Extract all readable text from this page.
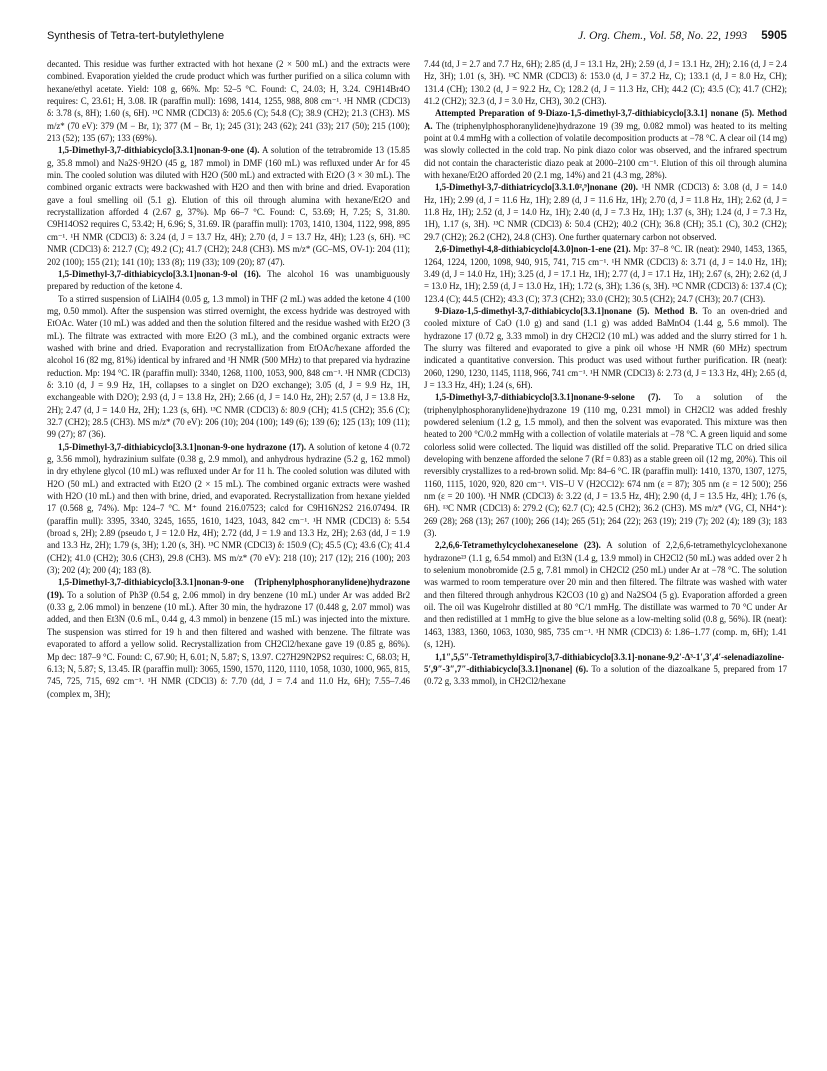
Synthesis of Tetra-tert-butylethylene	J. Org. Chem., Vol. 58, No. 22, 1993 5905

decanted. This residue was further extracted with hot hexane (2 × 500 mL) and the extracts were combined. Evaporation yielded the crude product which was further purified on a silica column with hexane/ethyl acetate. Yield: 108 g, 66%. Mp: 52–5 °C. Found: C, 24.03; H, 3.24. C9H14Br4O requires: C, 23.61; H, 3.08. IR (paraffin mull): 1698, 1414, 1255, 988, 808 cm⁻¹. ¹H NMR (CDCl3) δ: 3.78 (s, 8H); 1.60 (s, 6H). ¹³C NMR (CDCl3) δ: 205.6 (C); 54.8 (C); 38.9 (CH2); 21.3 (CH3). MS m/z* (70 eV): 379 (M − Br, 1); 377 (M − Br, 1); 245 (31); 243 (62); 241 (33); 217 (50); 215 (100); 213 (52); 135 (67); 133 (69%).

1,5-Dimethyl-3,7-dithiabicyclo[3.3.1]nonan-9-one (4). A solution of the tetrabromide 13 (15.85 g, 35.8 mmol) and Na2S·9H2O (45 g, 187 mmol) in DMF (160 mL) was refluxed under Ar for 45 min. The cooled solution was diluted with H2O (500 mL) and extracted with Et2O (3 × 30 mL). The combined organic extracts were backwashed with H2O and then with brine and dried. Evaporation gave a foul smelling oil (5.1 g). Elution of this oil through alumina with hexane/Et2O and recrystallization afforded 4 (2.67 g, 37%). Mp 66–7 °C. Found: C, 53.69; H, 7.25; S, 31.80. C9H14OS2 requires C, 53.42; H, 6.96; S, 31.69. IR (paraffin mull): 1703, 1410, 1304, 1122, 998, 895 cm⁻¹. ¹H NMR (CDCl3) δ: 3.24 (d, J = 13.7 Hz, 4H); 2.70 (d, J = 13.7 Hz, 4H); 1.23 (s, 6H). ¹³C NMR (CDCl3) δ: 212.7 (C); 49.2 (C); 41.7 (CH2); 24.8 (CH3). MS m/z* (GC–MS, OV-1): 204 (11); 202 (100); 155 (21); 141 (10); 133 (8); 119 (33); 109 (20); 87 (47).

1,5-Dimethyl-3,7-dithiabicyclo[3.3.1]nonan-9-ol (16). The alcohol 16 was unambiguously prepared by reduction of the ketone 4.

To a stirred suspension of LiAlH4 (0.05 g, 1.3 mmol) in THF (2 mL) was added the ketone 4 (100 mg, 0.50 mmol). After the suspension was stirred overnight, the excess hydride was destroyed with EtOAc. Water (10 mL) was added and then the solution filtered and the residue washed with Et2O (3 mL). The filtrate was extracted with more Et2O (3 mL), and the combined organic extracts were washed with brine and dried. Evaporation and recrystallization from EtOAc/hexane afforded the alcohol 16 (82 mg, 81%) identical by infrared and ¹H NMR (500 MHz) to that prepared via hydrazine reduction. Mp: 194 °C. IR (paraffin mull): 3340, 1268, 1100, 1053, 900, 848 cm⁻¹. ¹H NMR (CDCl3) δ: 3.10 (d, J = 9.9 Hz, 1H, collapses to a singlet on D2O exchange); 3.05 (d, J = 9.9 Hz, 1H, exchangeable with D2O); 2.93 (d, J = 13.8 Hz, 2H); 2.66 (d, J = 14.0 Hz, 2H); 2.57 (d, J = 13.8 Hz, 2H); 2.47 (d, J = 14.0 Hz, 2H); 1.23 (s, 6H). ¹³C NMR (CDCl3) δ: 80.9 (CH); 41.5 (CH2); 35.6 (C); 32.7 (CH2); 28.5 (CH3). MS m/z* (70 eV): 206 (10); 204 (100); 149 (6); 139 (6); 125 (13); 109 (11); 99 (27); 87 (36).

1,5-Dimethyl-3,7-dithiabicyclo[3.3.1]nonan-9-one hydrazone (17). A solution of ketone 4 (0.72 g, 3.56 mmol), hydrazinium sulfate (0.38 g, 2.9 mmol), and anhydrous hydrazine (5.2 g, 162 mmol) in dry ethylene glycol (10 mL) was refluxed under Ar for 11 h. The cooled solution was diluted with H2O (50 mL) and extracted with Et2O (2 × 15 mL). The combined organic extracts were washed with H2O (10 mL) and then with brine, dried, and evaporated. Recrystallization from hexane yielded 17 (0.568 g, 74%). Mp: 124–7 °C. M⁺ found 216.07523; calcd for C9H16N2S2 216.07494. IR (paraffin mull): 3395, 3340, 3245, 1655, 1610, 1423, 1043, 842 cm⁻¹. ¹H NMR (CDCl3) δ: 5.54 (broad s, 2H); 2.89 (pseudo t, J = 12.0 Hz, 4H); 2.72 (dd, J = 1.9 and 13.3 Hz, 2H); 2.63 (dd, J = 1.9 and 13.3 Hz, 2H); 1.79 (s, 3H); 1.20 (s, 3H). ¹³C NMR (CDCl3) δ: 150.9 (C); 45.5 (C); 43.6 (C); 41.4 (CH2); 41.0 (CH2); 30.6 (CH3), 29.8 (CH3). MS m/z* (70 eV): 218 (10); 217 (12); 216 (100); 203 (3); 202 (4); 200 (4); 183 (8).

1,5-Dimethyl-3,7-dithiabicyclo[3.3.1]nonan-9-one (Triphenylphosphoranylidene)hydrazone (19). To a solution of Ph3P (0.54 g, 2.06 mmol) in dry benzene (10 mL) under Ar was added Br2 (0.33 g, 2.06 mmol) in benzene (10 mL). After 30 min, the hydrazone 17 (0.448 g, 2.07 mmol) was added, and then Et3N (0.6 mL, 0.44 g, 4.3 mmol) in benzene (15 mL) was injected into the mixture. The suspension was stirred for 19 h and then filtered and washed with benzene. The filtrate was evaporated to afford a yellow solid. Recrystallization from CH2Cl2/hexane gave 19 (0.85 g, 86%). Mp dec: 187–9 °C. Found: C, 67.90; H, 6.01; N, 5.87; S, 13.97. C27H29N2PS2 requires: C, 68.03; H, 6.13; N, 5.87; S, 13.45. IR (paraffin mull): 3065, 1590, 1570, 1120, 1110, 1058, 1030, 1000, 965, 815, 745, 725, 715, 692 cm⁻¹. ¹H NMR (CDCl3) δ: 7.70 (dd, J = 7.4 and 11.0 Hz, 6H); 7.55–7.46 (complex m, 3H);

7.44 (td, J = 2.7 and 7.7 Hz, 6H); 2.85 (d, J = 13.1 Hz, 2H); 2.59 (d, J = 13.1 Hz, 2H); 2.16 (d, J = 2.4 Hz, 3H); 1.01 (s, 3H). ¹³C NMR (CDCl3) δ: 153.0 (d, J = 37.2 Hz, C); 133.1 (d, J = 8.0 Hz, CH); 131.4 (CH); 130.2 (d, J = 92.2 Hz, C); 128.2 (d, J = 11.3 Hz, CH); 44.2 (C); 43.5 (C); 41.7 (CH2); 41.2 (CH2); 32.3 (d, J = 3.0 Hz, CH3), 30.2 (CH3).

Attempted Preparation of 9-Diazo-1,5-dimethyl-3,7-dithiabicyclo[3.3.1] nonane (5). Method A. The (triphenylphosphoranylidene)hydrazone 19 (39 mg, 0.082 mmol) was heated to its melting point at 0.4 mmHg with a collection of volatile decomposition products at −78 °C. A clear oil (14 mg) was slowly collected in the cold trap. No pink diazo color was observed, and the infrared spectrum did not contain the characteristic diazo peak at 2000–2100 cm⁻¹. Elution of this oil through alumina with hexane/Et2O afforded 20 (2.1 mg, 14%) and 21 (4.3 mg, 28%).

1,5-Dimethyl-3,7-dithiatricyclo[3.3.1.0²,⁹]nonane (20). ¹H NMR (CDCl3) δ: 3.08 (d, J = 14.0 Hz, 1H); 2.99 (d, J = 11.6 Hz, 1H); 2.89 (d, J = 11.6 Hz, 1H); 2.70 (d, J = 11.8 Hz, 1H); 2.62 (d, J = 11.8 Hz, 1H); 2.52 (d, J = 14.0 Hz, 1H); 2.40 (d, J = 7.3 Hz, 1H); 1.37 (s, 3H); 1.24 (d, J = 7.3 Hz, 1H), 1.17 (s, 3H). ¹³C NMR (CDCl3) δ: 50.4 (CH2); 40.2 (CH); 36.8 (CH); 35.1 (C), 30.2 (CH2); 29.7 (CH2); 26.2 (CH2), 24.8 (CH3). One further quaternary carbon not observed.

2,6-Dimethyl-4,8-dithiabicyclo[4.3.0]non-1-ene (21). Mp: 37–8 °C. IR (neat): 2940, 1453, 1365, 1264, 1224, 1200, 1098, 940, 915, 741, 715 cm⁻¹. ¹H NMR (CDCl3) δ: 3.71 (d, J = 14.0 Hz, 1H); 3.49 (d, J = 14.0 Hz, 1H); 3.25 (d, J = 17.1 Hz, 1H); 2.77 (d, J = 17.1 Hz, 1H); 2.67 (s, 2H); 2.62 (d, J = 13.0 Hz, 1H); 2.59 (d, J = 13.0 Hz, 1H); 1.72 (s, 3H); 1.36 (s, 3H). ¹³C NMR (CDCl3) δ: 137.4 (C); 123.4 (C); 44.5 (CH2); 43.3 (C); 37.3 (CH2); 33.0 (CH2); 30.5 (CH2); 24.7 (CH3); 20.7 (CH3).

9-Diazo-1,5-dimethyl-3,7-dithiabicyclo[3.3.1]nonane (5). Method B. To an oven-dried and cooled mixture of CaO (1.0 g) and sand (1.1 g) was added BaMnO4 (1.44 g, 5.6 mmol). The hydrazone 17 (0.72 g, 3.33 mmol) in dry CH2Cl2 (10 mL) was added and the slurry stirred for 1 h. The slurry was filtered and evaporated to give a pink oil whose ¹H NMR (60 MHz) spectrum indicated a quantitative conversion. This product was used without further purification. IR (neat): 2060, 1290, 1230, 1145, 1118, 966, 741 cm⁻¹. ¹H NMR (CDCl3) δ: 2.73 (d, J = 13.3 Hz, 4H); 2.65 (d, J = 13.3 Hz, 4H); 1.24 (s, 6H).

1,5-Dimethyl-3,7-dithiabicyclo[3.3.1]nonane-9-selone (7). To a solution of the (triphenylphosphoranylidene)hydrazone 19 (110 mg, 0.231 mmol) in CH2Cl2 was added freshly powdered selenium (1.2 g, 1.5 mmol), and then the solvent was evaporated. This mixture was then heated to 200 °C/0.2 mmHg with a collection of volatile materials at −78 °C. A green liquid and some colorless solid were collected. The liquid was distilled off the solid. Preparative TLC on dried silica developing with benzene afforded the selone 7 (Rf = 0.83) as a stable green oil (12 mg, 20%). This oil reversibly crystallizes to a red-brown solid. Mp: 84–6 °C. IR (paraffin mull): 1410, 1370, 1307, 1275, 1160, 1115, 1020, 920, 820 cm⁻¹. VIS–U V (H2CCl2): 674 nm (ε = 87); 305 nm (ε = 12 500); 256 nm (ε = 20 100). ¹H NMR (CDCl3) δ: 3.22 (d, J = 13.5 Hz, 4H); 2.90 (d, J = 13.5 Hz, 4H); 1.76 (s, 6H). ¹³C NMR (CDCl3) δ: 279.2 (C); 62.7 (C); 42.5 (CH2); 36.2 (CH3). MS m/z* (VG, CI, NH4⁺): 269 (28); 268 (13); 267 (100); 266 (14); 265 (51); 264 (22); 263 (19); 219 (7); 202 (4); 189 (3); 183 (3).

2,2,6,6-Tetramethylcyclohexaneselone (23). A solution of 2,2,6,6-tetramethylcyclohexanone hydrazone²³ (1.1 g, 6.54 mmol) and Et3N (1.4 g, 13.9 mmol) in CH2Cl2 (50 mL) was added over 2 h to selenium monobromide (2.5 g, 7.81 mmol) in CH2Cl2 (250 mL) under Ar at −78 °C. The solution was warmed to room temperature over 20 min and then filtered. The filtrate was washed with water and then filtered through anhydrous K2CO3 (10 g) and Na2SO4 (5 g). Evaporation afforded a green oil. The oil was Kugelrohr distilled at 80 °C/1 mmHg. The distillate was warmed to 70 °C under Ar and then redistilled at 1 mmHg to give the blue selone as a low-melting solid (0.8 g, 56%). IR (neat): 1463, 1383, 1360, 1063, 1030, 985, 735 cm⁻¹. ¹H NMR (CDCl3) δ: 1.86–1.77 (comp. m, 6H); 1.41 (s, 12H).

1,1″,5,5″-Tetramethyldispiro[3,7-dithiabicyclo[3.3.1]-nonane-9,2′-Δ³-1′,3′,4′-selenadiazoline-5′,9″-3″,7″-dithiabicyclo[3.3.1]nonane] (6). To a solution of the diazoalkane 5, prepared from 17 (0.72 g, 3.33 mmol), in CH2Cl2/hexane
